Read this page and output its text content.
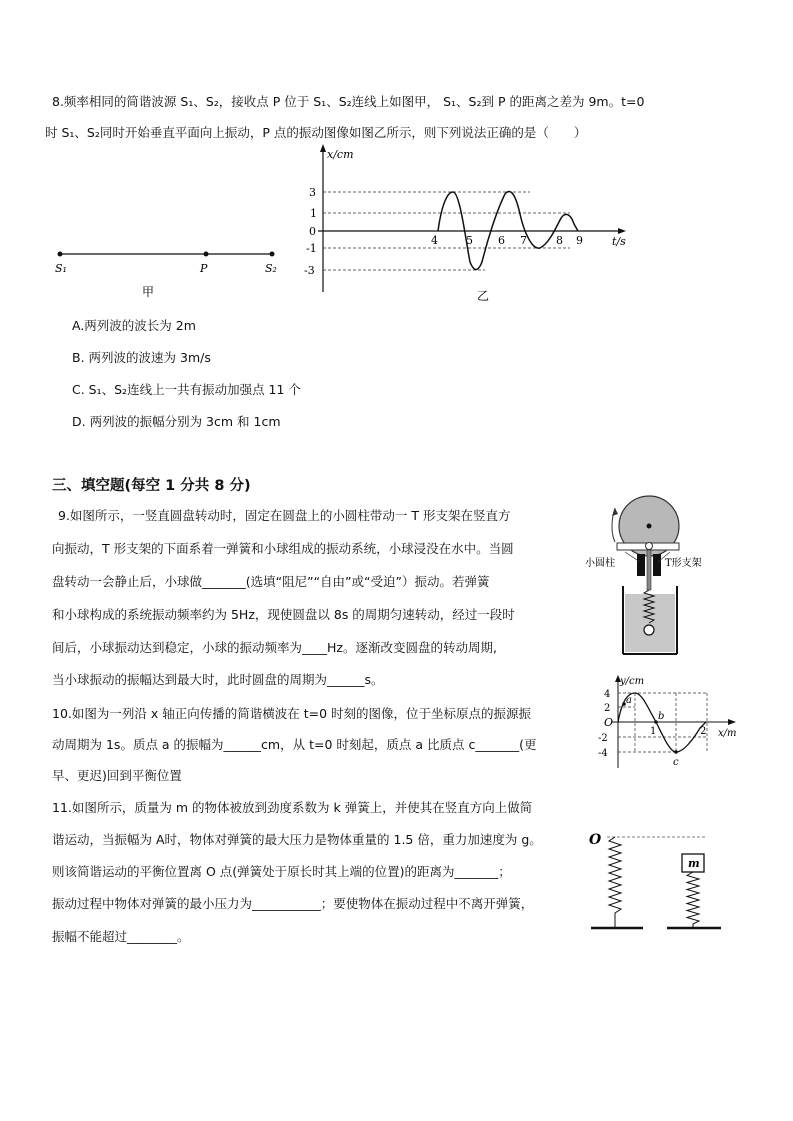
8.频率相同的简谐波源 S₁、S₂，接收点 P 位于 S₁、S₂连线上如图甲， S₁、S₂到 P 的距离之差为 9m。t=0
时 S₁、S₂同时开始垂直平面向上振动，P 点的振动图像如图乙所示，则下列说法正确的是（　　）
S₁	P	S₂
甲
x/cm
t/s
3
1
0
-1
-3
4	5 6 7	8 9
乙
A.两列波的波长为 2m
B. 两列波的波速为 3m/s
C. S₁、S₂连线上一共有振动加强点 11 个
D. 两列波的振幅分别为 3cm 和 1cm
三、填空题(每空 1 分共 8 分)
9.如图所示，一竖直圆盘转动时，固定在圆盘上的小圆柱带动一 T 形支架在竖直方
向振动，T 形支架的下面系着一弹簧和小球组成的振动系统，小球浸没在水中。当圆
盘转动一会静止后，小球做_______(选填“阻尼”“自由”或“受迫”）振动。若弹簧
和小球构成的系统振动频率约为 5Hz，现使圆盘以 8s 的周期匀速转动，经过一段时
间后，小球振动达到稳定，小球的振动频率为____Hz。逐渐改变圆盘的转动周期,
当小球振动的振幅达到最大时，此时圆盘的周期为______s。
小圆柱	T形支架
10.如图为一列沿 x 轴正向传播的简谐横波在 t=0 时刻的图像，位于坐标原点的振源振
动周期为 1s。质点 a 的振幅为______cm，从 t=0 时刻起，质点 a 比质点 c_______(更
早、更迟)回到平衡位置
y/cm
x/m
4
2
O
-2
-4
1	2
a
b
c
11.如图所示，质量为 m 的物体被放到劲度系数为 k 弹簧上，并使其在竖直方向上做简
谐运动，当振幅为 A时，物体对弹簧的最大压力是物体重量的 1.5 倍，重力加速度为 g。
则该简谐运动的平衡位置离 O 点(弹簧处于原长时其上端的位置)的距离为_______；
振动过程中物体对弹簧的最小压力为___________；要使物体在振动过程中不离开弹簧，
振幅不能超过________。
O
m
